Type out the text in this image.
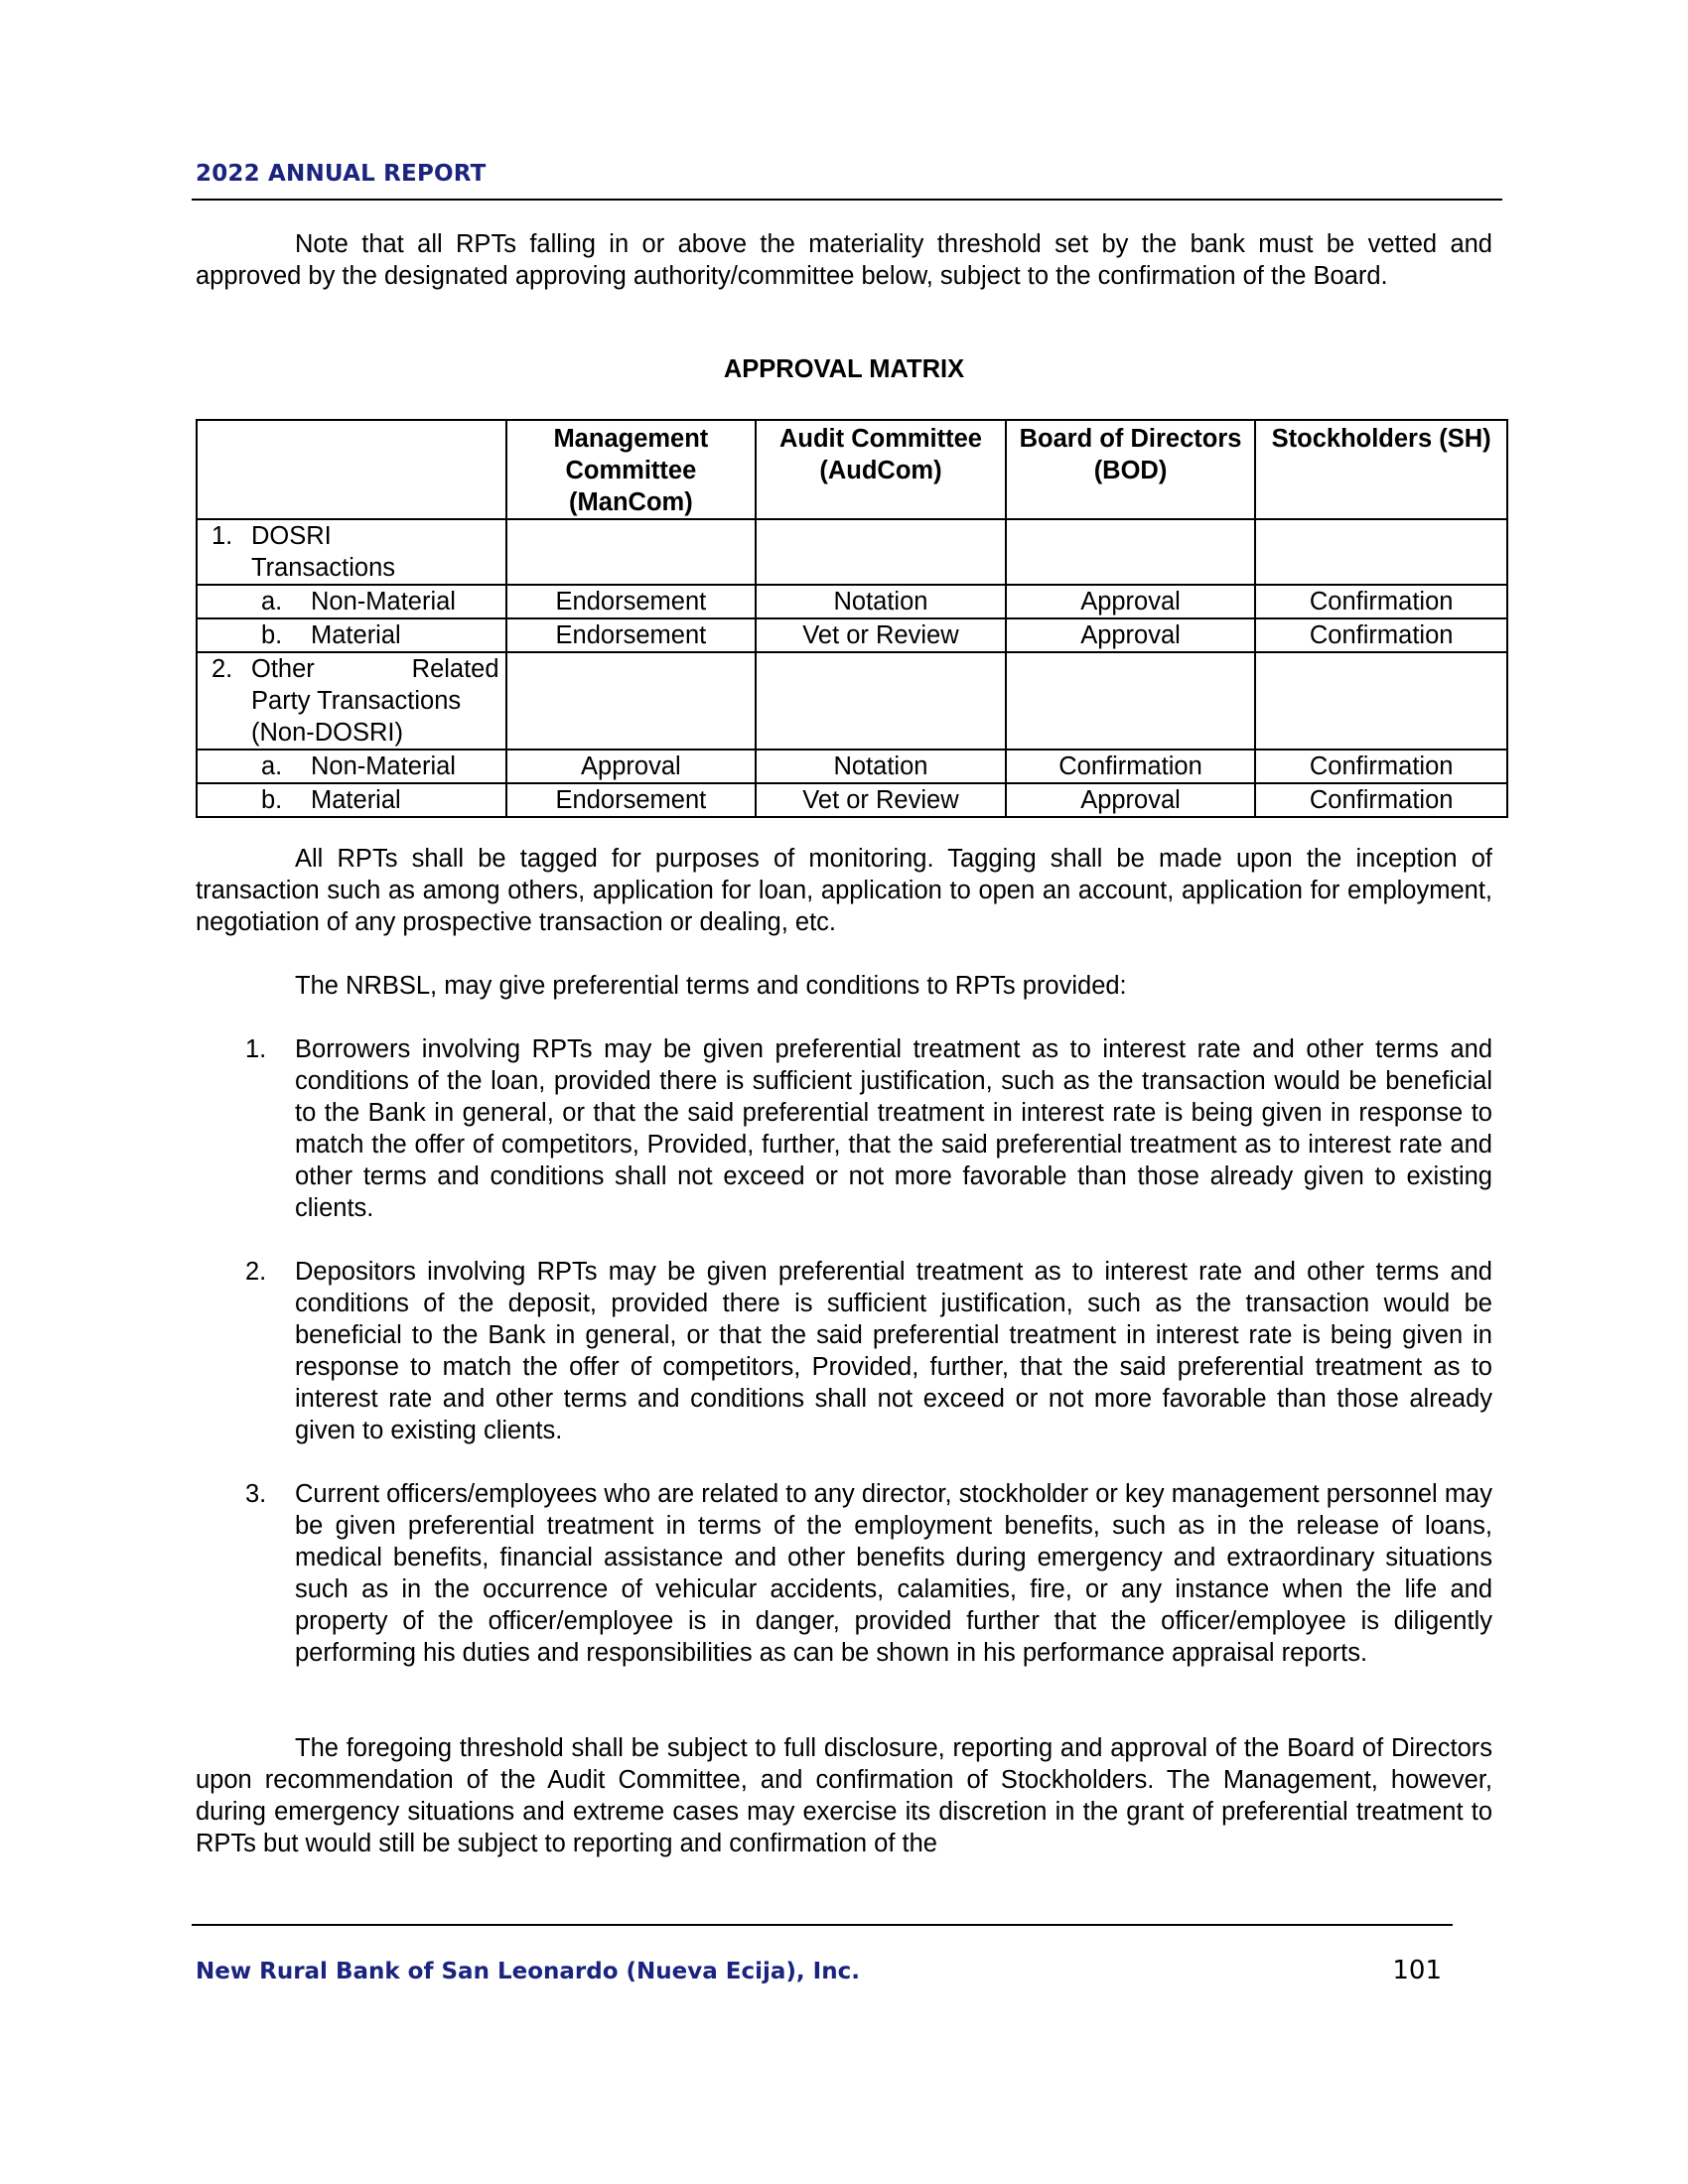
2022 ANNUAL REPORT
Note that all RPTs falling in or above the materiality threshold set by the bank must be vetted and approved by the designated approving authority/committee below, subject to the confirmation of the Board.
APPROVAL MATRIX
	Management Committee (ManCom)	Audit Committee (AudCom)	Board of Directors (BOD)	Stockholders (SH)

1. DOSRI
Transactions				

a. Non-Material	Endorsement	Notation	Approval	Confirmation
b. Material	Endorsement	Vet or Review	Approval	Confirmation

2. Other Related
Party Transactions
(Non-DOSRI)				

a. Non-Material	Approval	Notation	Confirmation	Confirmation
b. Material	Endorsement	Vet or Review	Approval	Confirmation
All RPTs shall be tagged for purposes of monitoring. Tagging shall be made upon the inception of transaction such as among others, application for loan, application to open an account, application for employment, negotiation of any prospective transaction or dealing, etc.
The NRBSL, may give preferential terms and conditions to RPTs provided:
1.	Borrowers involving RPTs may be given preferential treatment as to interest rate and other terms and conditions of the loan, provided there is sufficient justification, such as the transaction would be beneficial to the Bank in general, or that the said preferential treatment in interest rate is being given in response to match the offer of competitors, Provided, further, that the said preferential treatment as to interest rate and other terms and conditions shall not exceed or not more favorable than those already given to existing clients.
2.	Depositors involving RPTs may be given preferential treatment as to interest rate and other terms and conditions of the deposit, provided there is sufficient justification, such as the transaction would be beneficial to the Bank in general, or that the said preferential treatment in interest rate is being given in response to match the offer of competitors, Provided, further, that the said preferential treatment as to interest rate and other terms and conditions shall not exceed or not more favorable than those already given to existing clients.
3.	Current officers/employees who are related to any director, stockholder or key management personnel may be given preferential treatment in terms of the employment benefits, such as in the release of loans, medical benefits, financial assistance and other benefits during emergency and extraordinary situations such as in the occurrence of vehicular accidents, calamities, fire, or any instance when the life and property of the officer/employee is in danger, provided further that the officer/employee is diligently performing his duties and responsibilities as can be shown in his performance appraisal reports.
The foregoing threshold shall be subject to full disclosure, reporting and approval of the Board of Directors upon recommendation of the Audit Committee, and confirmation of Stockholders. The Management, however, during emergency situations and extreme cases may exercise its discretion in the grant of preferential treatment to RPTs but would still be subject to reporting and confirmation of the
New Rural Bank of San Leonardo (Nueva Ecija), Inc.	101
